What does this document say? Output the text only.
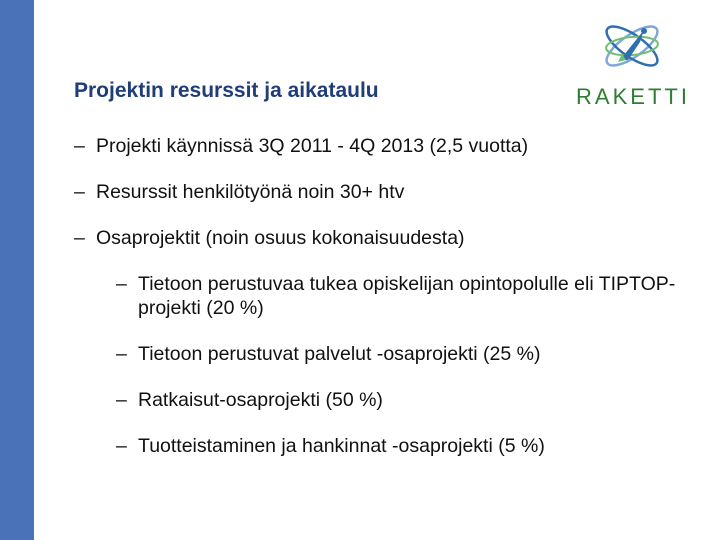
RAKETTI
Projektin resurssit ja aikataulu
– Projekti käynnissä 3Q 2011 - 4Q 2013 (2,5 vuotta)
– Resurssit henkilötyönä noin 30+ htv
– Osaprojektit (noin osuus kokonaisuudesta)
– Tietoon perustuvaa tukea opiskelijan opintopolulle eli TIPTOP-projekti (20 %)
– Tietoon perustuvat palvelut -osaprojekti (25 %)
– Ratkaisut-osaprojekti (50 %)
– Tuotteistaminen ja hankinnat -osaprojekti (5 %)
